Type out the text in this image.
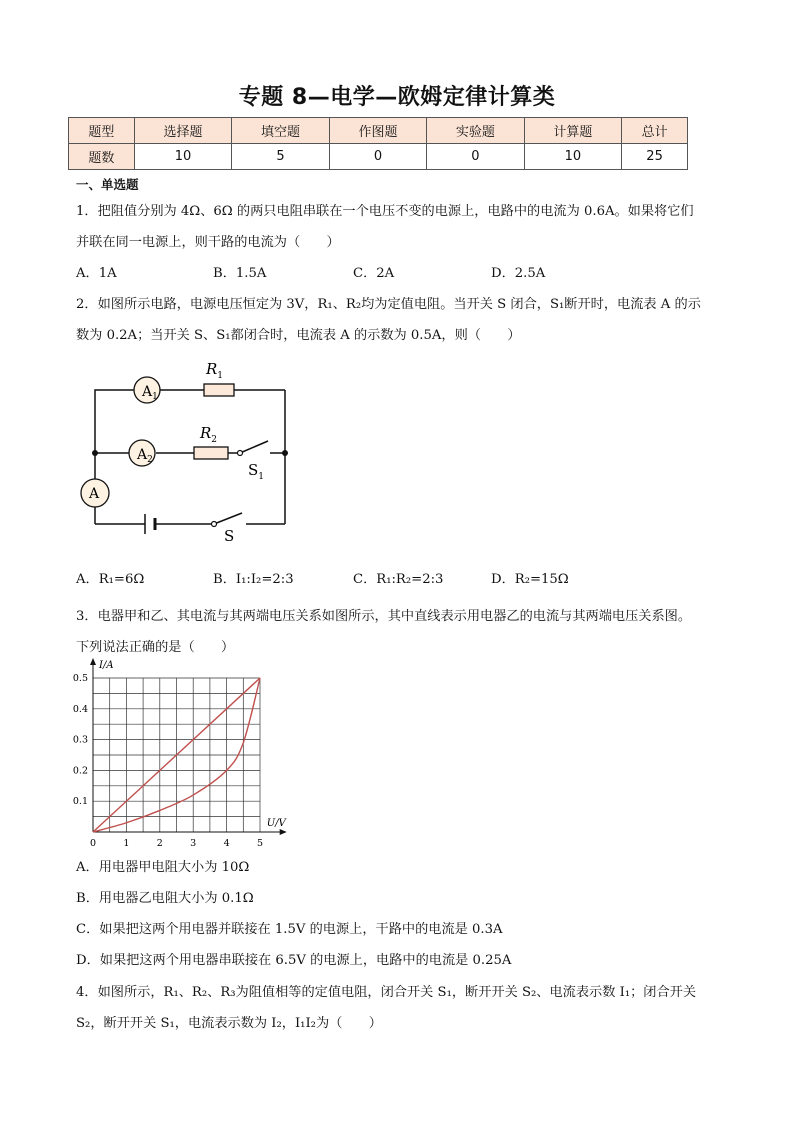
专题 8—电学—欧姆定律计算类
题型	选择题	填空题	作图题	实验题	计算题	总计
题数	10	5	0	0	10	25
一、单选题
1．把阻值分别为 4Ω、6Ω 的两只电阻串联在一个电压不变的电源上，电路中的电流为 0.6A。如果将它们
并联在同一电源上，则干路的电流为（　　）
A．1A	B．1.5A	C．2A	D．2.5A
2．如图所示电路，电源电压恒定为 3V，R₁、R₂均为定值电阻。当开关 S 闭合，S₁断开时，电流表 A 的示
数为 0.2A；当开关 S、S₁都闭合时，电流表 A 的示数为 0.5A，则（　　）
$A_1$
$A_2$
A
$R_1$
$R_2$
$S_1$
S
A．R₁=6Ω	B．I₁:I₂=2:3	C．R₁:R₂=2:3	D．R₂=15Ω
3．电器甲和乙、其电流与其两端电压关系如图所示，其中直线表示用电器乙的电流与其两端电压关系图。
下列说法正确的是（　　）
0	1	2	3	4	5
0.1
0.2
0.3
0.4
0.5
U/V
I/A
A．用电器甲电阻大小为 10Ω
B．用电器乙电阻大小为 0.1Ω
C．如果把这两个用电器并联接在 1.5V 的电源上，干路中的电流是 0.3A
D．如果把这两个用电器串联接在 6.5V 的电源上，电路中的电流是 0.25A
4．如图所示，R₁、R₂、R₃为阻值相等的定值电阻，闭合开关 S₁，断开开关 S₂、电流表示数 I₁；闭合开关
S₂，断开开关 S₁，电流表示数为 I₂，I₁I₂为（　　）
